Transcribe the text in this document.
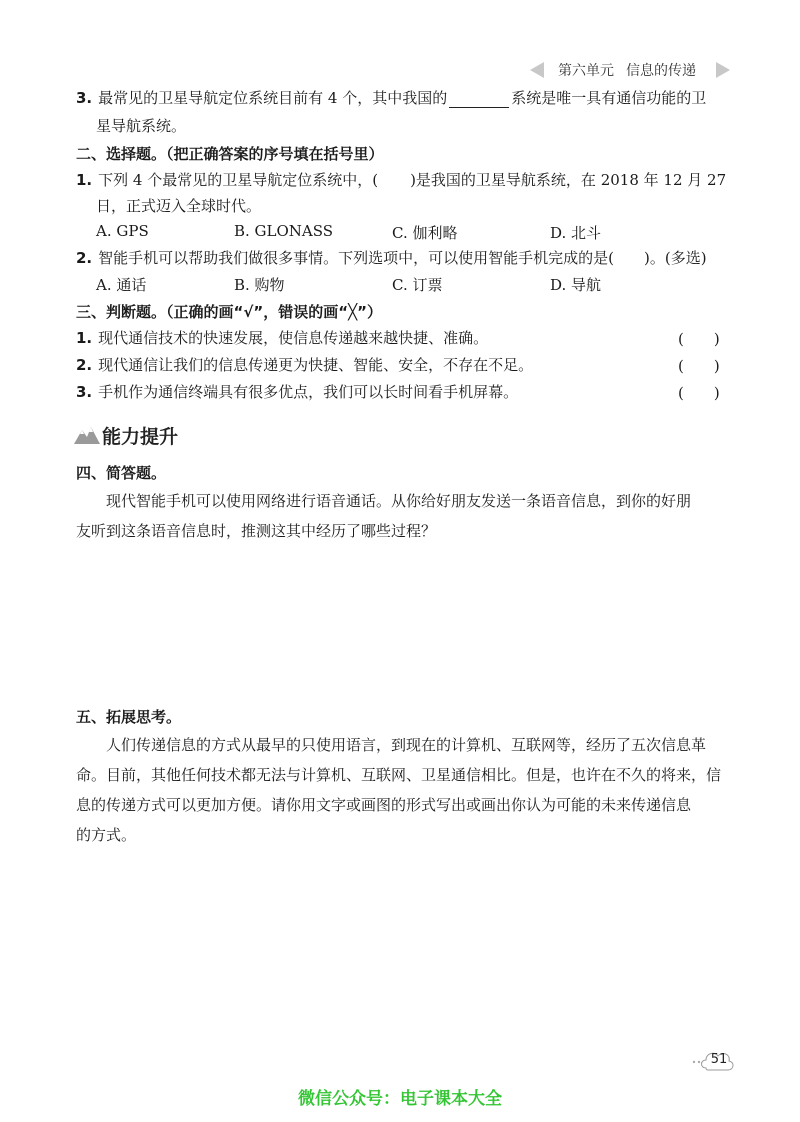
第六单元 信息的传递
3. 最常见的卫星导航定位系统目前有 4 个，其中我国的	系统是唯一具有通信功能的卫
星导航系统。
二、选择题。（把正确答案的序号填在括号里）
1. 下列 4 个最常见的卫星导航定位系统中，( )是我国的卫星导航系统，在 2018 年 12 月 27
日，正式迈入全球时代。
A. GPS	B. GLONASS	C. 伽利略	D. 北斗
2. 智能手机可以帮助我们做很多事情。下列选项中，可以使用智能手机完成的是( )。(多选)
A. 通话	B. 购物	C. 订票	D. 导航
三、判断题。（正确的画“√”，错误的画“╳”）
1. 现代通信技术的快速发展，使信息传递越来越快捷、准确。	(　　)
2. 现代通信让我们的信息传递更为快捷、智能、安全，不存在不足。	(　　)
3. 手机作为通信终端具有很多优点，我们可以长时间看手机屏幕。	(　　)
能力提升
四、简答题。
现代智能手机可以使用网络进行语音通话。从你给好朋友发送一条语音信息，到你的好朋
友听到这条语音信息时，推测这其中经历了哪些过程？
五、拓展思考。
人们传递信息的方式从最早的只使用语言，到现在的计算机、互联网等，经历了五次信息革
命。目前，其他任何技术都无法与计算机、互联网、卫星通信相比。但是，也许在不久的将来，信
息的传递方式可以更加方便。请你用文字或画图的形式写出或画出你认为可能的未来传递信息
的方式。
51
微信公众号：电子课本大全
